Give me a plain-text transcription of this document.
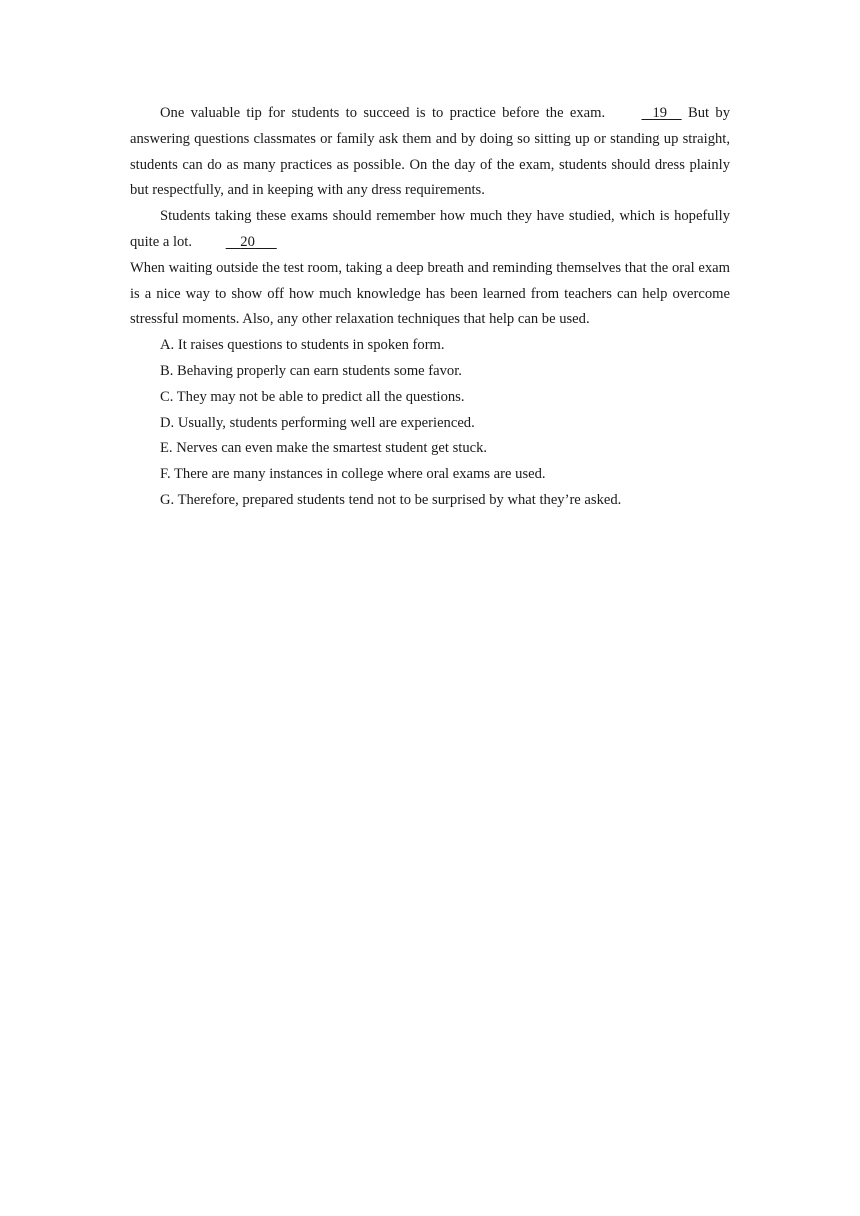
One valuable tip for students to succeed is to practice before the exam.	19 But by answering questions classmates or family ask them and by doing so sitting up or standing up straight, students can do as many practices as possible. On the day of the exam, students should dress plainly but respectfully, and in keeping with any dress requirements.

Students taking these exams should remember how much they have studied, which is hopefully quite a lot.	20

When waiting outside the test room, taking a deep breath and reminding themselves that the oral exam is a nice way to show off how much knowledge has been learned from teachers can help overcome stressful moments. Also, any other relaxation techniques that help can be used.

A. It raises questions to students in spoken form.
B. Behaving properly can earn students some favor.
C. They may not be able to predict all the questions.
D. Usually, students performing well are experienced.
E. Nerves can even make the smartest student get stuck.
F. There are many instances in college where oral exams are used.
G. Therefore, prepared students tend not to be surprised by what they’re asked.
